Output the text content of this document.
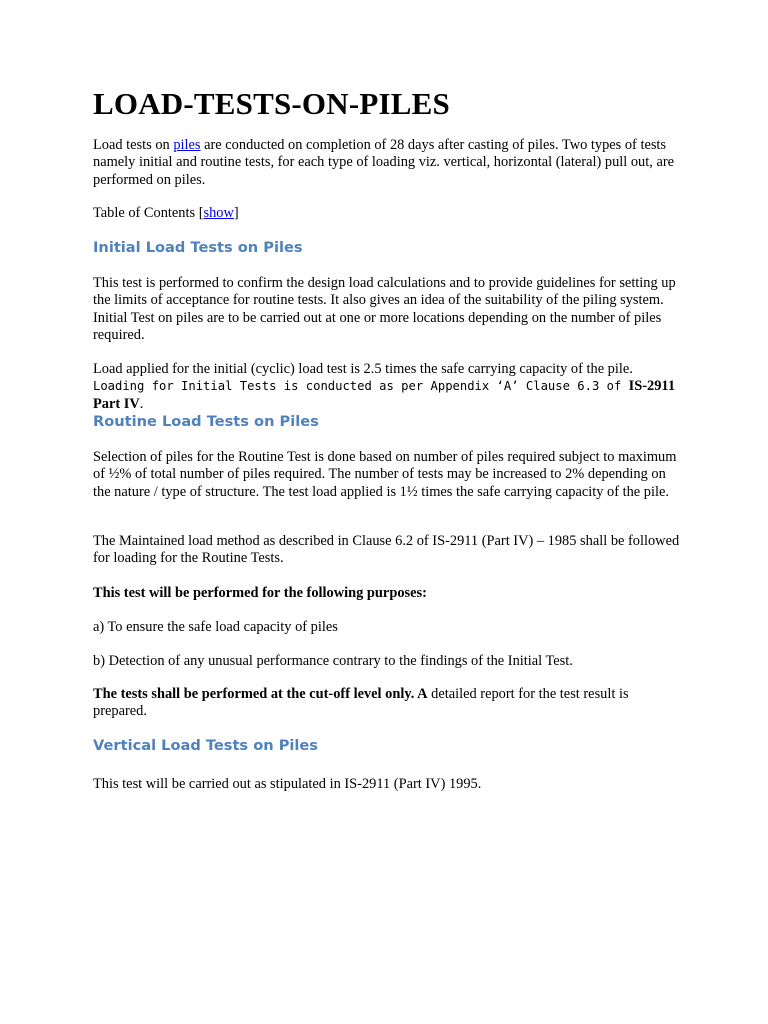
LOAD-TESTS-ON-PILES

Load tests on piles are conducted on completion of 28 days after casting of piles. Two types of tests namely initial and routine tests, for each type of loading viz. vertical, horizontal (lateral) pull out, are performed on piles.

Table of Contents [show]

Initial Load Tests on Piles

This test is performed to confirm the design load calculations and to provide guidelines for setting up the limits of acceptance for routine tests. It also gives an idea of the suitability of the piling system. Initial Test on piles are to be carried out at one or more locations depending on the number of piles required.

Load applied for the initial (cyclic) load test is 2.5 times the safe carrying capacity of the pile.
Loading for Initial Tests is conducted as per Appendix ‘A’ Clause 6.3 of IS-2911 Part IV.

Routine Load Tests on Piles

Selection of piles for the Routine Test is done based on number of piles required subject to maximum of ½% of total number of piles required. The number of tests may be increased to 2% depending on the nature / type of structure. The test load applied is 1½ times the safe carrying capacity of the pile.

The Maintained load method as described in Clause 6.2 of IS-2911 (Part IV) – 1985 shall be followed for loading for the Routine Tests.

This test will be performed for the following purposes:

a) To ensure the safe load capacity of piles

b) Detection of any unusual performance contrary to the findings of the Initial Test.

The tests shall be performed at the cut-off level only. A detailed report for the test result is prepared.

Vertical Load Tests on Piles

This test will be carried out as stipulated in IS-2911 (Part IV) 1995.
